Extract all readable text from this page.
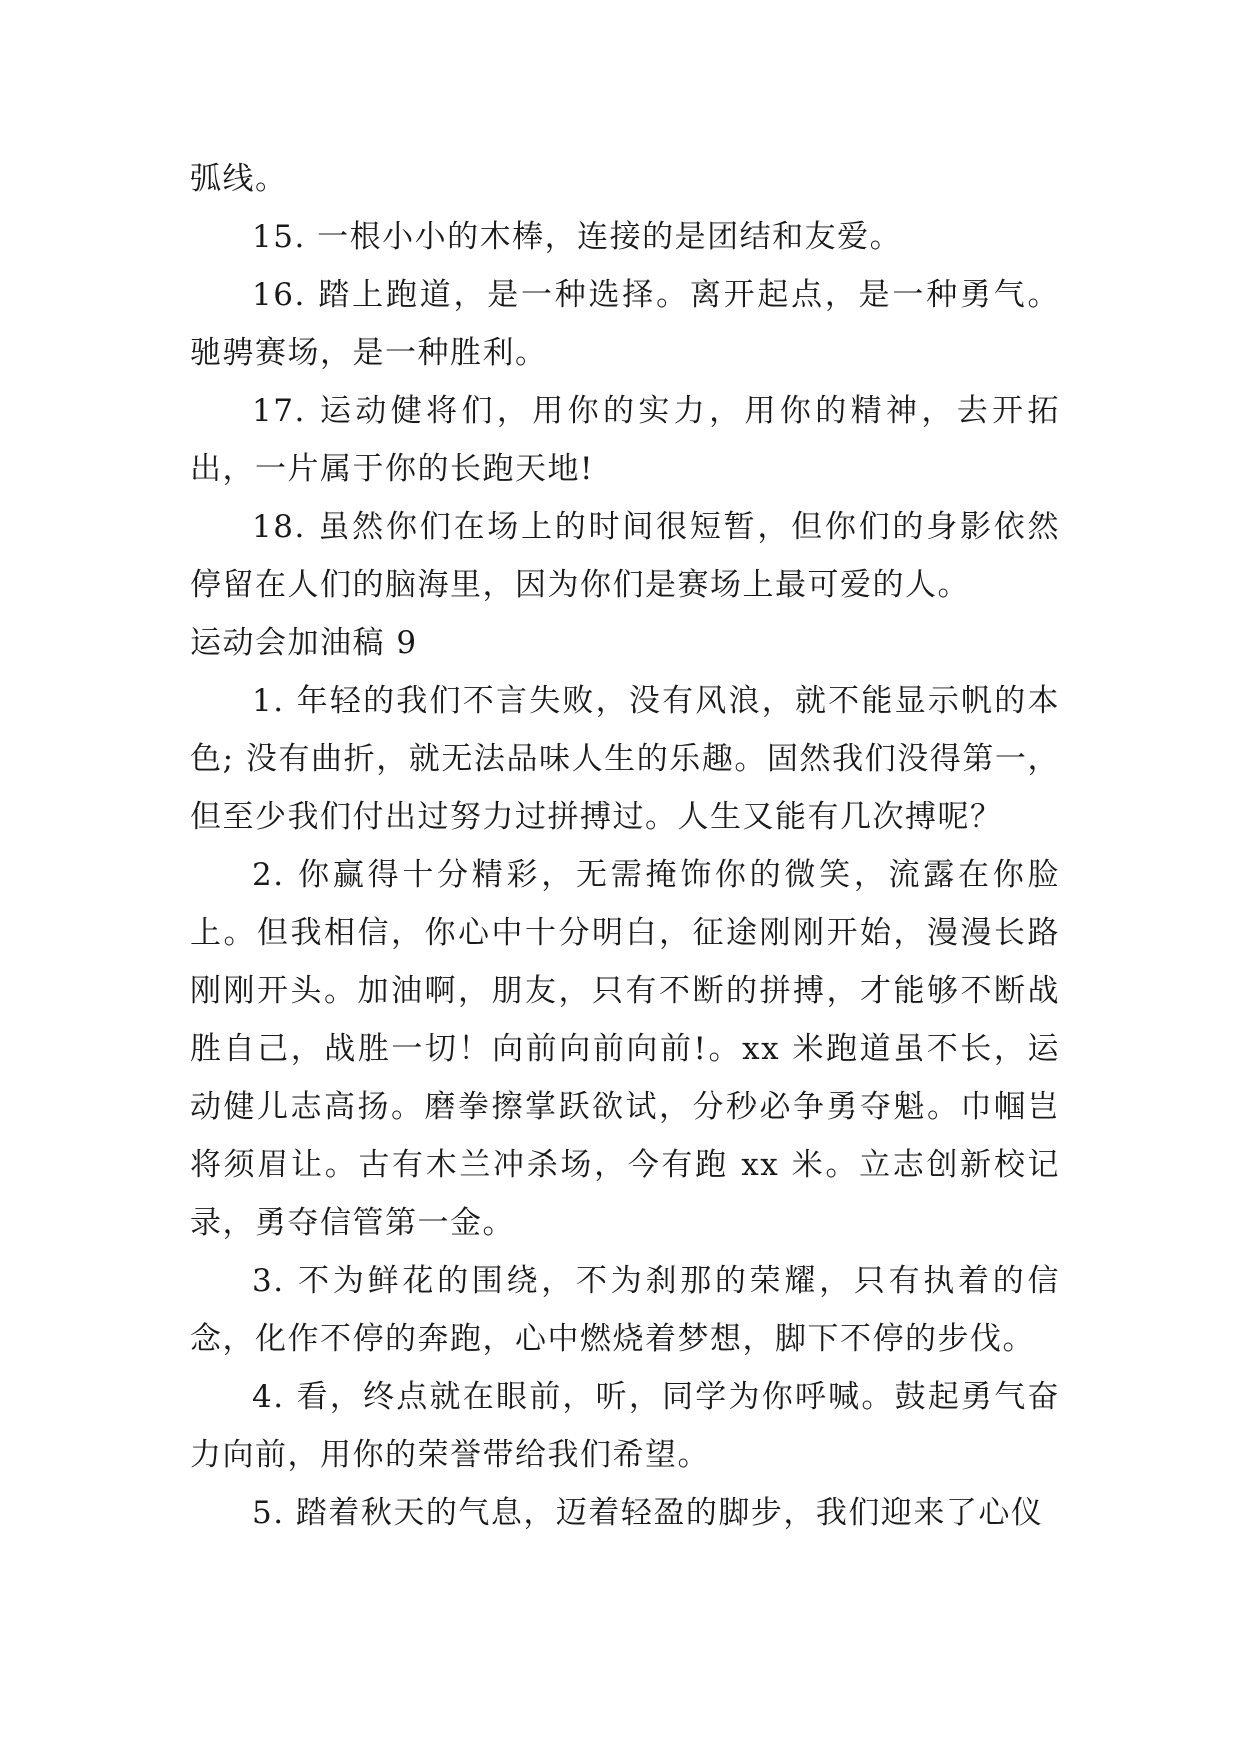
弧线。

15. 一根小小的木棒，连接的是团结和友爱。

16. 踏上跑道，是一种选择。离开起点，是一种勇气。驰骋赛场，是一种胜利。

17. 运动健将们，用你的实力，用你的精神，去开拓出，一片属于你的长跑天地!

18. 虽然你们在场上的时间很短暂，但你们的身影依然停留在人们的脑海里，因为你们是赛场上最可爱的人。

运动会加油稿 9

1. 年轻的我们不言失败，没有风浪，就不能显示帆的本色; 没有曲折，就无法品味人生的乐趣。固然我们没得第一，但至少我们付出过努力过拼搏过。人生又能有几次搏呢？

2. 你赢得十分精彩，无需掩饰你的微笑，流露在你脸上。但我相信，你心中十分明白，征途刚刚开始，漫漫长路刚刚开头。加油啊，朋友，只有不断的拼搏，才能够不断战胜自己，战胜一切！向前向前向前!。xx 米跑道虽不长，运动健儿志高扬。磨拳擦掌跃欲试，分秒必争勇夺魁。巾帼岂将须眉让。古有木兰冲杀场，今有跑 xx 米。立志创新校记录，勇夺信管第一金。

3. 不为鲜花的围绕，不为刹那的荣耀，只有执着的信念，化作不停的奔跑，心中燃烧着梦想，脚下不停的步伐。

4. 看，终点就在眼前，听，同学为你呼喊。鼓起勇气奋力向前，用你的荣誉带给我们希望。

5. 踏着秋天的气息，迈着轻盈的脚步，我们迎来了心仪
